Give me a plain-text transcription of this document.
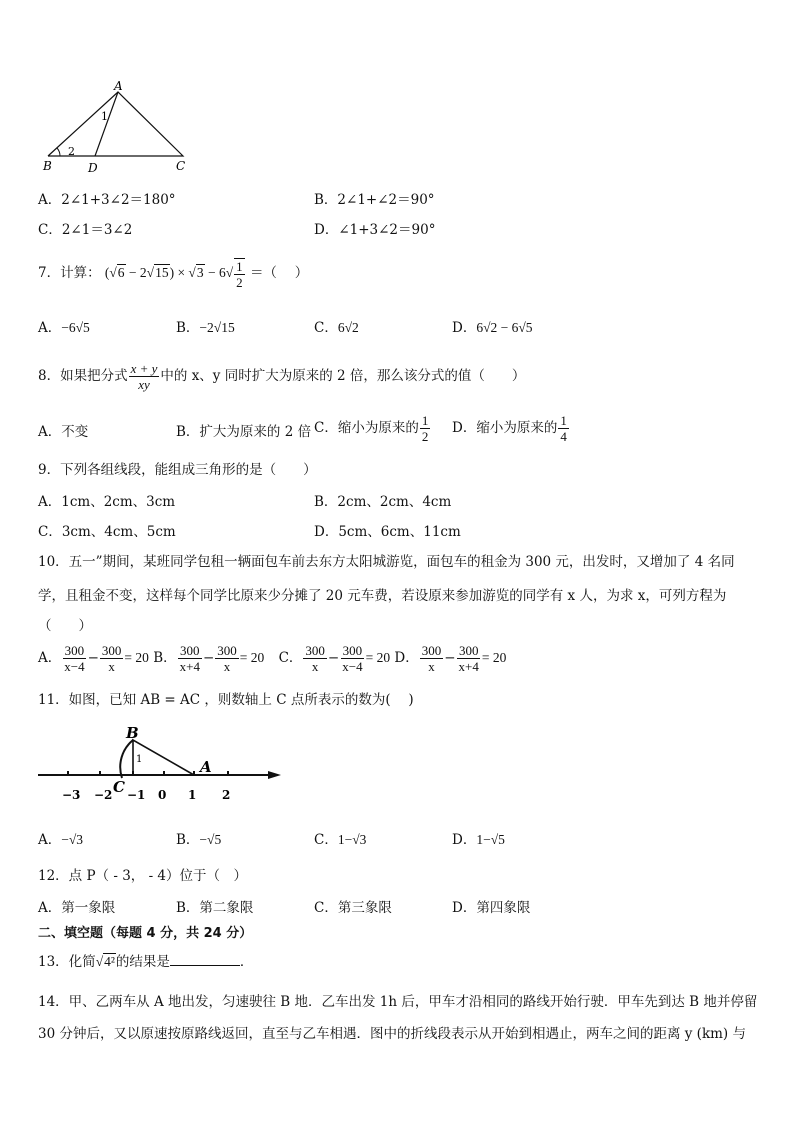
A
B	D	C
1
2
A．2∠1+3∠2＝180°	B．2∠1+∠2＝90°
C．2∠1＝3∠2	D．∠1+3∠2＝90°
7．计算： $(√6 - 2√15) \times √3 - 6√ \frac{1}{2}$ ＝（　 ）
A．−6√5	B．−2√15	C．6√2	D．6√2 − 6√5
8．如果把分式 $\frac{x + y}{xy}$ 中的 x、y 同时扩大为原来的 2 倍，那么该分式的值（　　）
A．不变	B．扩大为原来的 2 倍 C．缩小为原来的 $\frac{1}{2}$ D．缩小为原来的 $\frac{1}{4}$
9．下列各组线段，能组成三角形的是（　　）
A．1cm、2cm、3cm	B．2cm、2cm、4cm
C．3cm、4cm、5cm	D．5cm、6cm、11cm
10．五一”期间，某班同学包租一辆面包车前去东方太阳城游览，面包车的租金为 300 元，出发时，又增加了 4 名同
学，且租金不变，这样每个同学比原来少分摊了 20 元车费，若设原来参加游览的同学有 x 人，为求 x，可列方程为
（　　）
A． $\frac{300}{x-4} - \frac{300}{x} = 20$ B． $\frac{300}{x+4} - \frac{300}{x} = 20$ C． $\frac{300}{x} - \frac{300}{x-4} = 20$ D． $\frac{300}{x} - \frac{300}{x+4} = 20$
11．如图，已知 AB = AC ，则数轴上 C 点所表示的数为(　 )
−3 −2 −1 0 1 2
B
A
C
1
A．−√3	B．−√5	C．1−√3	D．1−√5
12．点 P（ - 3， - 4）位于（　）
A．第一象限	B．第二象限	C．第三象限	D．第四象限
二、填空题（每题 4 分，共 24 分）
13．化简√4²的结果是	．
14．甲、乙两车从 A 地出发，匀速驶往 B 地．乙车出发 1h 后，甲车才沿相同的路线开始行驶．甲车先到达 B 地并停留
30 分钟后，又以原速按原路线返回，直至与乙车相遇．图中的折线段表示从开始到相遇止，两车之间的距离 y (km) 与
